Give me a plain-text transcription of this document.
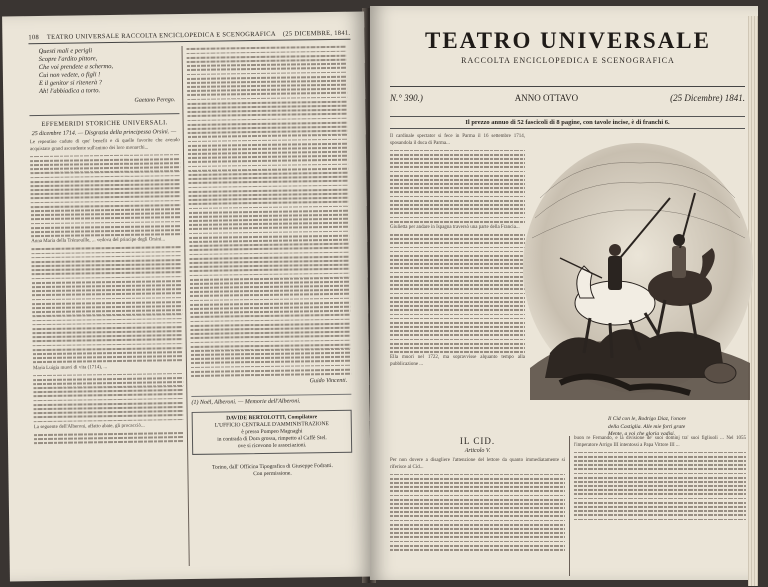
108 TEATRO UNIVERSALE RACCOLTA ENCICLOPEDICA E SCENOGRAFICA (25 DICEMBRE, 1841.
Questi mali e perigli
Scopre l'ardito pittore,
Che voi prendete a schermo,
Cui non vedete, o figli !
E il genitor si ritenerà ?
Ah! l'abbiadica a torto.
Gaetano Perego.
EFFEMERIDI STORICHE UNIVERSALI.
25 dicembre 1714. — Disgrazia della principessa Orsini. —
Le repentine cadute di que' benefit e di quelle favorite che avendo acquistato grand ascendente sull'animo dei loro monarchi...
Anna Maria della Trémouille, ... vedova del principe degli Orsini...
Maria Luigia muori di vita (1714), ...
La seguente dell'Alberoni, affatto abate, gli procacciò...
Guido Vincenti.
(1) Noël, Alberoni. — Memorie dell'Alberoni.
DAVIDE BERTOLOTTI, Compilatore
L'UFFICIO CENTRALE D'AMMINISTRAZIONE
è presso Pompeo Magnaghi
in contrada di Dora grossa, rimpetto al Caffè Stel.
ove si ricevono le associazioni.
Torino, dall' Officina Tipografica di Giuseppe Fodratti.
Con permissione.
TEATRO UNIVERSALE
RACCOLTA ENCICLOPEDICA E SCENOGRAFICA
N.° 390.)	ANNO OTTAVO	(25 Dicembre) 1841.
Il prezzo annuo di 52 fascicoli di 8 pagine, con tavole incise, è di franchi 6.
Il cardinale spectator si fece in Parma il 16 settembre 1714, sposandola il duca di Parma...
Giulietta per andare in Ispagna traversò una parte della Francia...
Ella muori nel 1722, ma sopravvisse alquanto tempo alla pubblicazione ...
Il Cid con le, Rodrigo Diaz, l'onore
della Castiglia. Alle mie forti grate
Mente, a voi che gloria vadisi.
IL CID.
Articolo V.
Per non dovere a disagliere l'attenzione del lettore da quanto immediatamente si riferisce al Cid...
buon re Fernando, e la divisione de' suoi dominj tra' suoi figliuoli ... Nel 1055 l'imperatore Arrigo III intentossi a Papa Vittore III ...
